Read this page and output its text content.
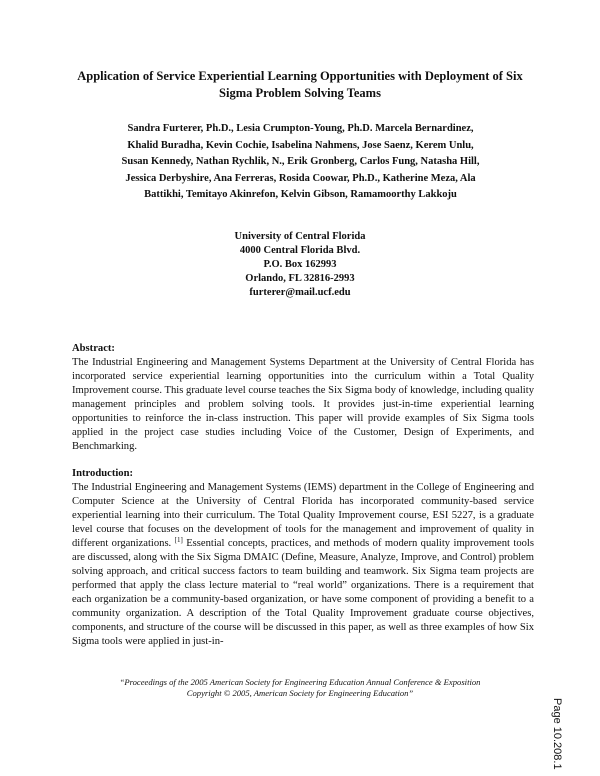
Application of Service Experiential Learning Opportunities with Deployment of Six Sigma Problem Solving Teams
Sandra Furterer, Ph.D., Lesia Crumpton-Young, Ph.D. Marcela Bernardinez, Khalid Buradha, Kevin Cochie, Isabelina Nahmens, Jose Saenz, Kerem Unlu, Susan Kennedy, Nathan Rychlik, N., Erik Gronberg, Carlos Fung, Natasha Hill, Jessica Derbyshire, Ana Ferreras, Rosida Coowar, Ph.D., Katherine Meza, Ala Battikhi, Temitayo Akinrefon, Kelvin Gibson, Ramamoorthy Lakkoju
University of Central Florida
4000 Central Florida Blvd.
P.O. Box 162993
Orlando, FL 32816-2993
furterer@mail.ucf.edu
Abstract:
The Industrial Engineering and Management Systems Department at the University of Central Florida has incorporated service experiential learning opportunities into the curriculum within a Total Quality Improvement course. This graduate level course teaches the Six Sigma body of knowledge, including quality management principles and problem solving tools. It provides just-in-time experiential learning opportunities to reinforce the in-class instruction. This paper will provide examples of Six Sigma tools applied in the project case studies including Voice of the Customer, Design of Experiments, and Benchmarking.
Introduction:
The Industrial Engineering and Management Systems (IEMS) department in the College of Engineering and Computer Science at the University of Central Florida has incorporated community-based service experiential learning into their curriculum. The Total Quality Improvement course, ESI 5227, is a graduate level course that focuses on the development of tools for the management and improvement of quality in different organizations. [1] Essential concepts, practices, and methods of modern quality improvement tools are discussed, along with the Six Sigma DMAIC (Define, Measure, Analyze, Improve, and Control) problem solving approach, and critical success factors to team building and teamwork. Six Sigma team projects are performed that apply the class lecture material to “real world” organizations. There is a requirement that each organization be a community-based organization, or have some component of providing a benefit to a community organization. A description of the Total Quality Improvement graduate course objectives, components, and structure of the course will be discussed in this paper, as well as three examples of how Six Sigma tools were applied in just-in-
“Proceedings of the 2005 American Society for Engineering Education Annual Conference & Exposition
Copyright © 2005, American Society for Engineering Education”
Page 10.208.1
